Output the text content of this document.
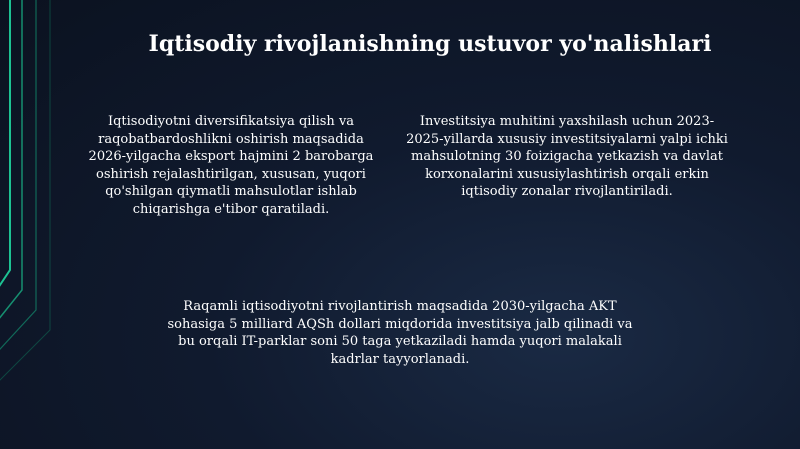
Iqtisodiy rivojlanishning ustuvor yo'nalishlari
Iqtisodiyotni diversifikatsiya qilish va
raqobatbardoshlikni oshirish maqsadida
2026-yilgacha eksport hajmini 2 barobarga
oshirish rejalashtirilgan, xususan, yuqori
qo'shilgan qiymatli mahsulotlar ishlab
chiqarishga e'tibor qaratiladi.
Investitsiya muhitini yaxshilash uchun 2023-
2025-yillarda xususiy investitsiyalarni yalpi ichki
mahsulotning 30 foizigacha yetkazish va davlat
korxonalarini xususiylashtirish orqali erkin
iqtisodiy zonalar rivojlantiriladi.
Raqamli iqtisodiyotni rivojlantirish maqsadida 2030-yilgacha AKT
sohasiga 5 milliard AQSh dollari miqdorida investitsiya jalb qilinadi va
bu orqali IT-parklar soni 50 taga yetkaziladi hamda yuqori malakali
kadrlar tayyorlanadi.
